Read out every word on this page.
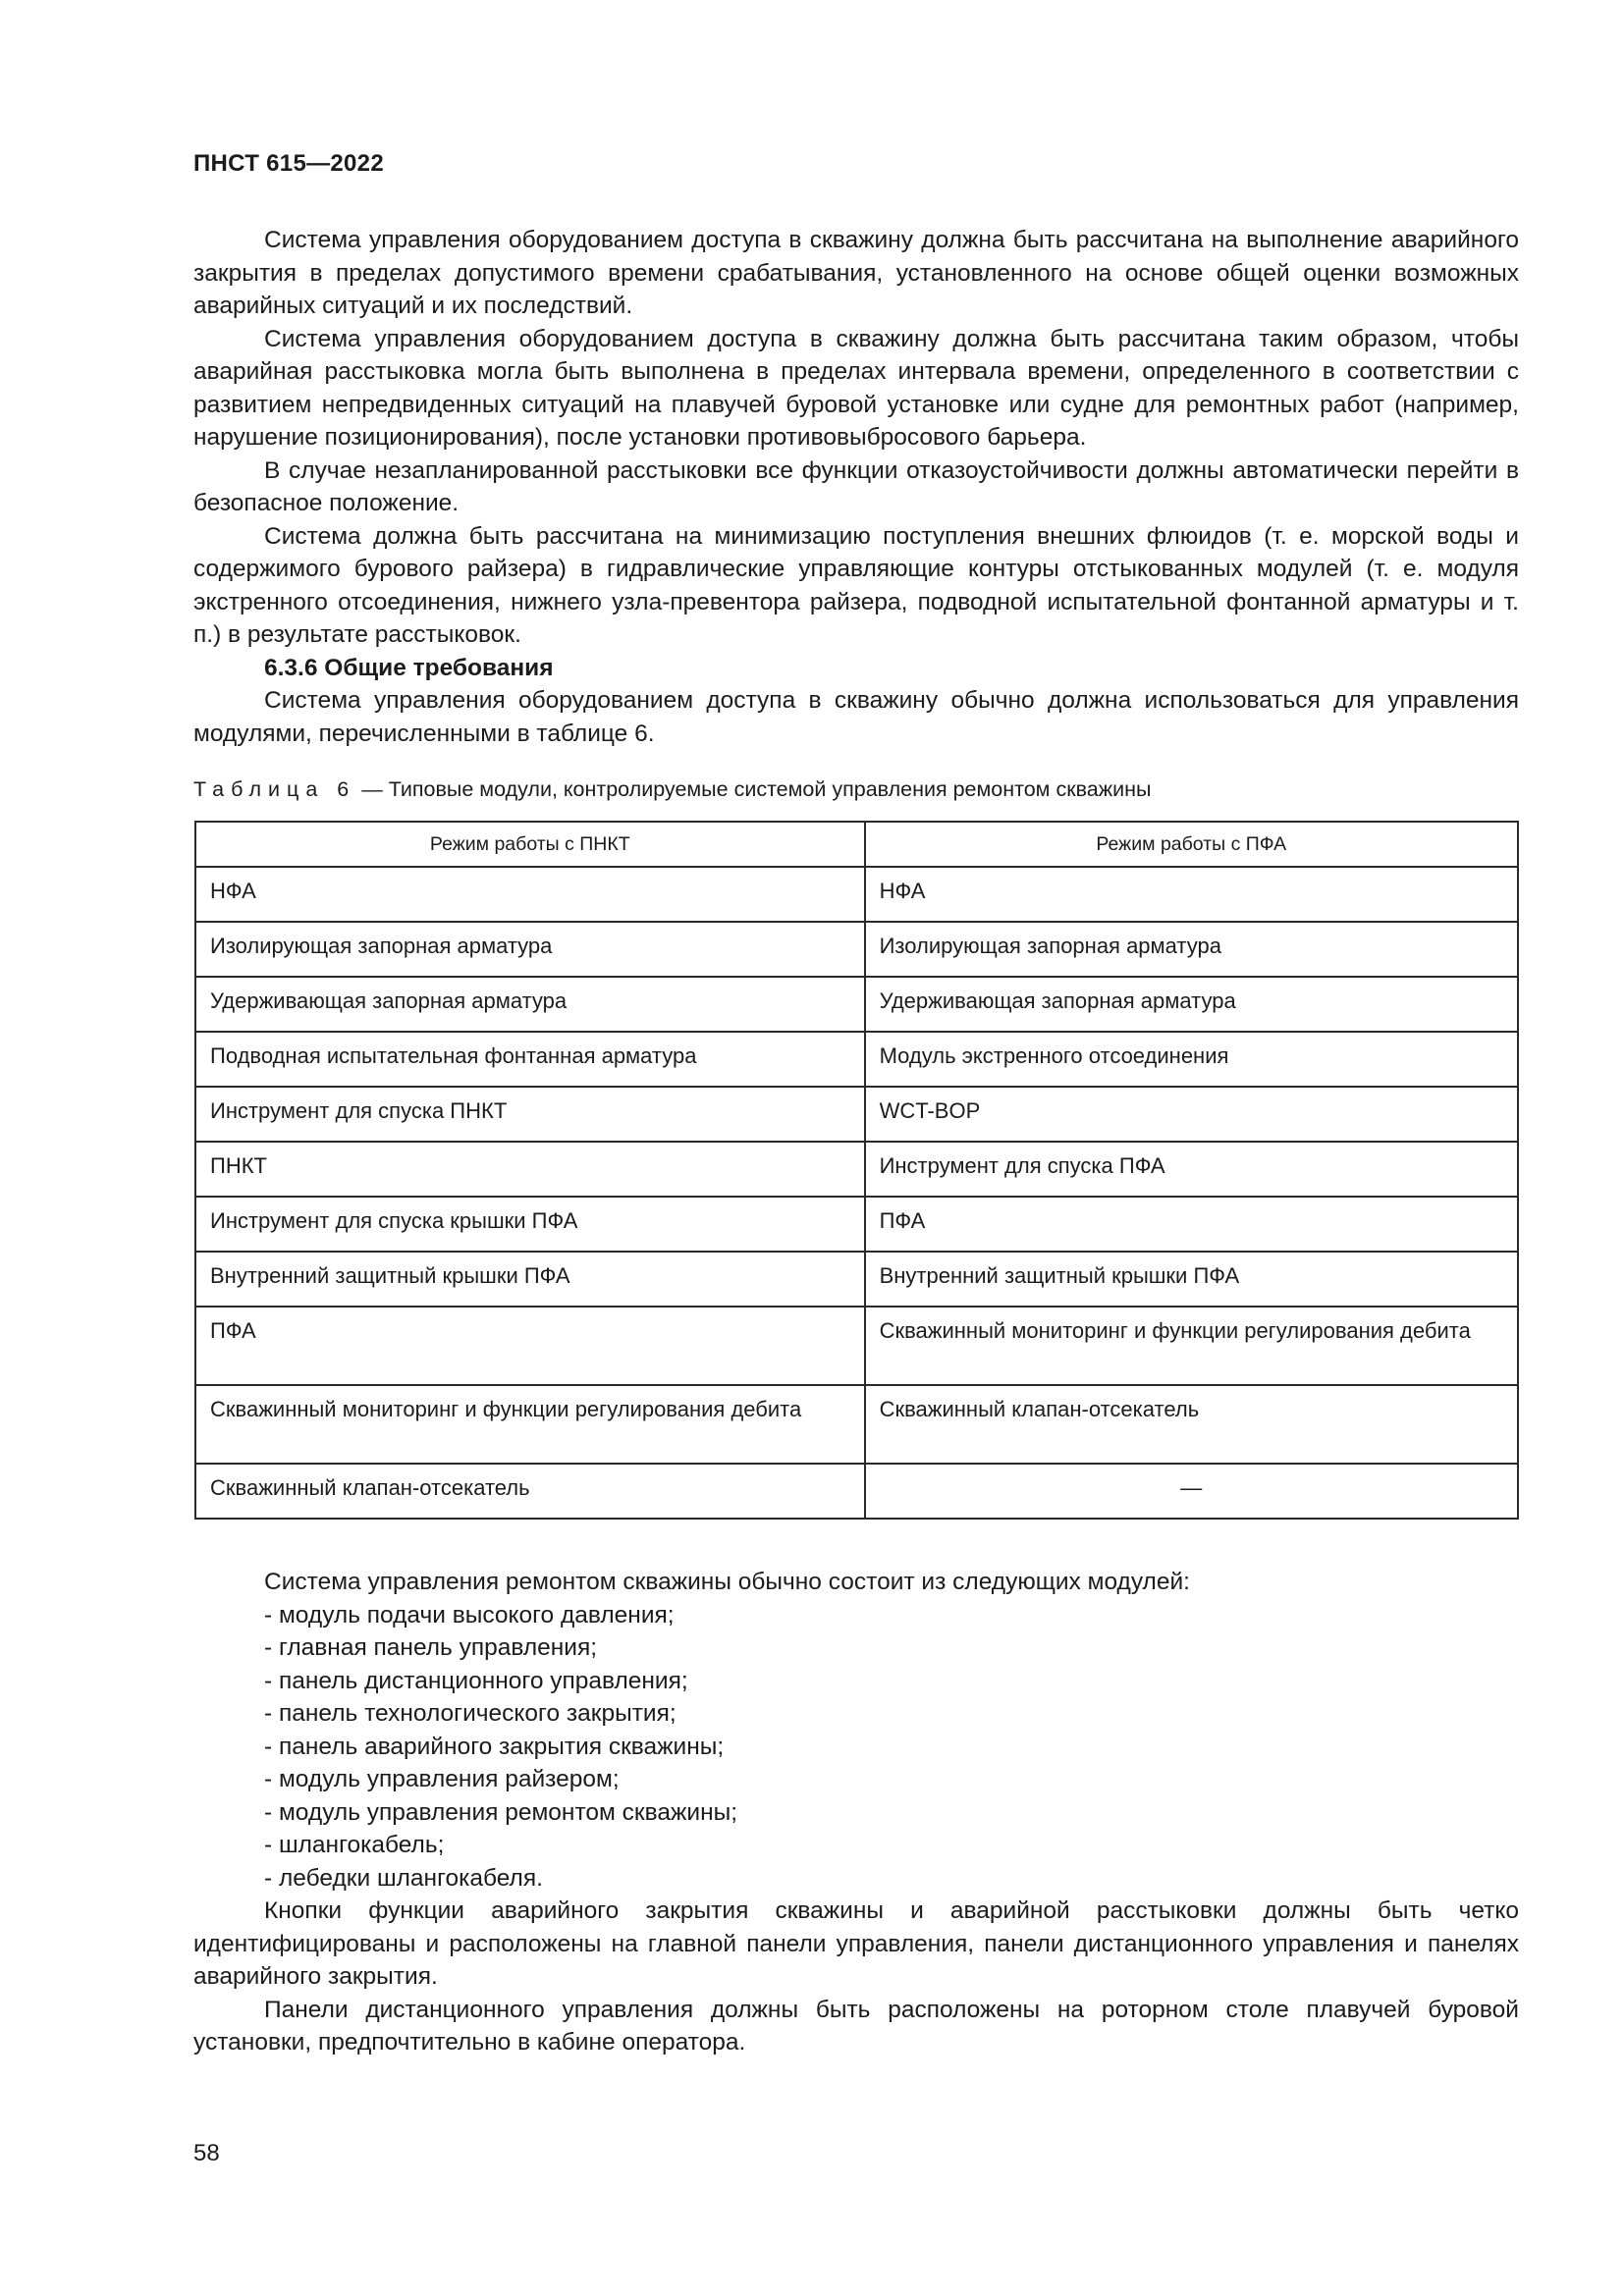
ПНСТ 615—2022

Система управления оборудованием доступа в скважину должна быть рассчитана на выполнение аварийного закрытия в пределах допустимого времени срабатывания, установленного на основе общей оценки возможных аварийных ситуаций и их последствий.

Система управления оборудованием доступа в скважину должна быть рассчитана таким образом, чтобы аварийная расстыковка могла быть выполнена в пределах интервала времени, определенного в соответствии с развитием непредвиденных ситуаций на плавучей буровой установке или судне для ремонтных работ (например, нарушение позиционирования), после установки противовыбросового барьера.

В случае незапланированной расстыковки все функции отказоустойчивости должны автоматически перейти в безопасное положение.

Система должна быть рассчитана на минимизацию поступления внешних флюидов (т. е. морской воды и содержимого бурового райзера) в гидравлические управляющие контуры отстыкованных модулей (т. е. модуля экстренного отсоединения, нижнего узла-превентора райзера, подводной испытательной фонтанной арматуры и т. п.) в результате расстыковок.

6.3.6 Общие требования

Система управления оборудованием доступа в скважину обычно должна использоваться для управления модулями, перечисленными в таблице 6.

Таблица 6 — Типовые модули, контролируемые системой управления ремонтом скважины
Режим работы с ПНКТ	Режим работы с ПФА
НФА	НФА
Изолирующая запорная арматура	Изолирующая запорная арматура
Удерживающая запорная арматура	Удерживающая запорная арматура
Подводная испытательная фонтанная арматура	Модуль экстренного отсоединения
Инструмент для спуска ПНКТ	WCT-BOP
ПНКТ	Инструмент для спуска ПФА
Инструмент для спуска крышки ПФА	ПФА
Внутренний защитный крышки ПФА	Внутренний защитный крышки ПФА
ПФА	Скважинный мониторинг и функции регулирования дебита
Скважинный мониторинг и функции регулирования дебита	Скважинный клапан-отсекатель
Скважинный клапан-отсекатель	—

Система управления ремонтом скважины обычно состоит из следующих модулей:

- модуль подачи высокого давления;

- главная панель управления;

- панель дистанционного управления;

- панель технологического закрытия;

- панель аварийного закрытия скважины;

- модуль управления райзером;

- модуль управления ремонтом скважины;

- шлангокабель;

- лебедки шлангокабеля.

Кнопки функции аварийного закрытия скважины и аварийной расстыковки должны быть четко идентифицированы и расположены на главной панели управления, панели дистанционного управления и панелях аварийного закрытия.

Панели дистанционного управления должны быть расположены на роторном столе плавучей буровой установки, предпочтительно в кабине оператора.

58
